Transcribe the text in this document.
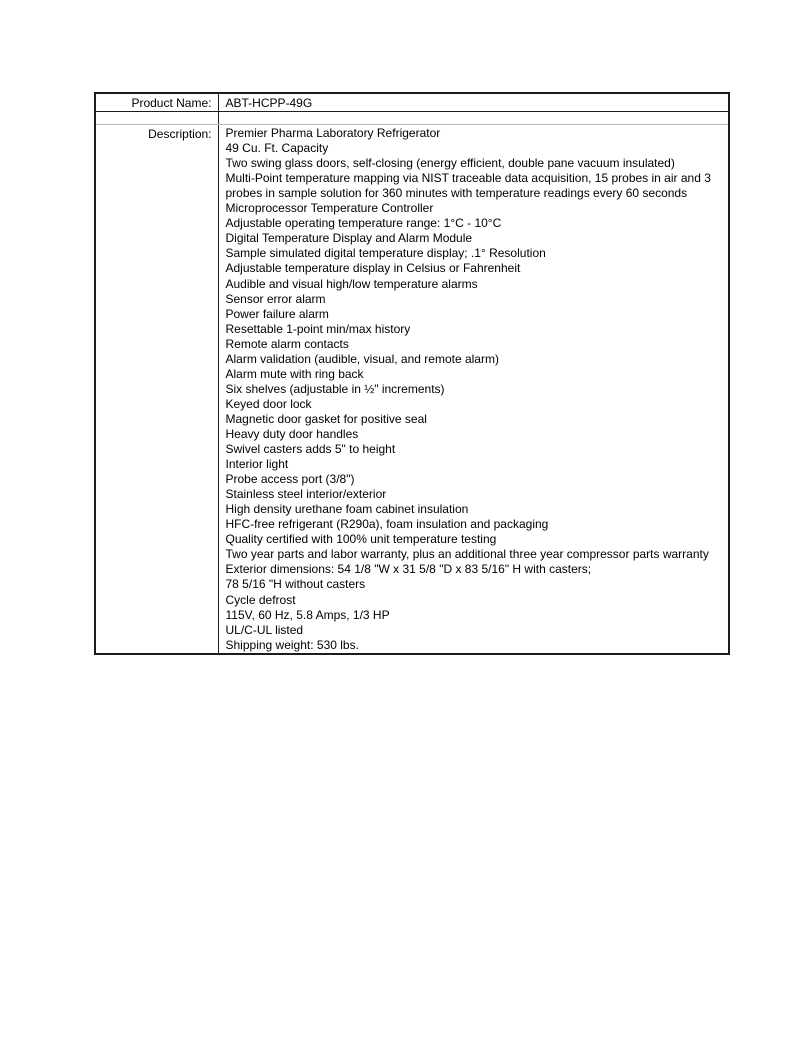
Product Name:	ABT-HCPP-49G

Description:	Premier Pharma Laboratory Refrigerator
49 Cu. Ft. Capacity
Two swing glass doors, self-closing (energy efficient, double pane vacuum insulated)
Multi-Point temperature mapping via NIST traceable data acquisition, 15 probes in air and 3 probes in sample solution for 360 minutes with temperature readings every 60 seconds
Microprocessor Temperature Controller
Adjustable operating temperature range: 1°C - 10°C
Digital Temperature Display and Alarm Module
Sample simulated digital temperature display; .1° Resolution
Adjustable temperature display in Celsius or Fahrenheit
Audible and visual high/low temperature alarms
Sensor error alarm
Power failure alarm
Resettable 1-point min/max history
Remote alarm contacts
Alarm validation (audible, visual, and remote alarm)
Alarm mute with ring back
Six shelves (adjustable in ½" increments)
Keyed door lock
Magnetic door gasket for positive seal
Heavy duty door handles
Swivel casters adds 5" to height
Interior light
Probe access port (3/8")
Stainless steel interior/exterior
High density urethane foam cabinet insulation
HFC-free refrigerant (R290a), foam insulation and packaging
Quality certified with 100% unit temperature testing
Two year parts and labor warranty, plus an additional three year compressor parts warranty
Exterior dimensions: 54 1/8 "W x 31 5/8 "D x 83 5/16" H with casters;
78 5/16 "H without casters
Cycle defrost
115V, 60 Hz, 5.8 Amps, 1/3 HP
UL/C-UL listed
Shipping weight: 530 lbs.
